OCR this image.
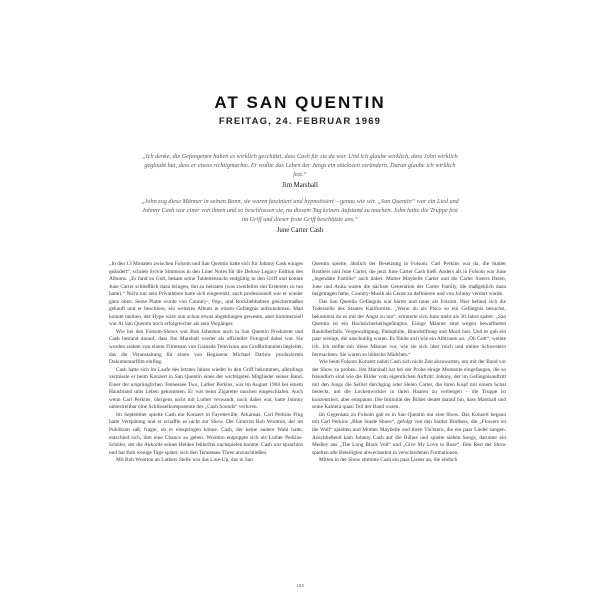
AT SAN QUENTIN
FREITAG, 24. FEBRUAR 1969

„Ich denke, die Gefangenen haben es wirklich geschätzt, dass Cash für sie da war. Und ich glaube wirklich, dass John wirklich geglaubt hat, dass er etwas richtigmachte. Er wollte das Leben der Jungs ein stückweit verändern. Daran glaube ich wirklich fest.“

Jim Marshall

„John zog diese Männer in seinen Bann, sie waren fasziniert und hypnotisiert – genau wie wir. „San Quentin“ war ein Lied und Johnny Cash war einer von ihnen und so beschlossen sie, nu diesem Tag keinen Aufstand zu machen. John hatte die Truppe fest im Griff und dieser feste Griff beschützte uns.“

June Carter Cash

„In den 13 Monaten zwischen Folsom und San Quentin hatte sich für Johnny Cash einiges geändert“, schrieb Sylvie Simmons in den Liner Notes für die Deluxe Legacy Edition des Albums. „Er fand zu Gott, bekam seine Tablettensucht endgültig in den Griff und konnte June Carter schließlich dazu bringen, ihn zu heiraten (was zweifellos mit Ersterem zu tun hatte).“ Nicht nur sein Privatleben hatte sich eingerenkt, auch professionell war er wieder ganz oben. Seine Platte wurde von Country-, Pop-, und Rockliebhabern gleichermaßen gekauft und er beschloss, ein weiteres Album in einem Gefängnis aufzunehmen. Man konnte meinen, der Hype wäre nun schon etwas abgeklungen gewesen, aber kommerziell war At San Quentin noch erfolgreicher als sein Vorgänger.

Wie bei den Folsom-Shows war Bob Johnston auch in San Quentin Produzent und Cash bestand darauf, dass Jim Marshall wieder als offizieller Fotograf dabei war. Sie wurden zudem von einem Filmteam von Granada Television aus Großbritannien begleitet, das die Veranstaltung für einen von Regisseur Michael Darlow produzierten Dokumentarfilm einfing.

Cash hatte sich im Laufe des letzten Jahres wieder in den Griff bekommen, allerdings vermisste er beim Konzert in San Quentin eines der wichtigsten Mitglieder seiner Band. Einer der ursprünglichen Tennessee Two, Luther Perkins, war im August 1968 bei einem Hausbrand ums Leben gekommen. Er war beim Zigarette rauchen eingeschlafen. Auch wenn Carl Perkins, übrigens nicht mit Luther verwandt, noch dabei war, hatte Johnny unbestreitbar eine Schlüsselkomponente des „Cash Sounds“ verloren.

Im September spielte Cash ein Konzert in Fayetteville, Arkansas. Carl Perkins Flug hatte Verspätung und er schaffte es nicht zur Show. Der Gitarrist Bob Wootton, der im Publikum saß, fragte, ob er einspringen könne. Cash, der keine andere Wahl hatte, entschied sich, ihm eine Chance zu geben. Wootton entpuppte sich als Luther Perkins-Schüler, der die Akkorde seines Helden fehlerfrei nachspielen konnte. Cash war sprachlos und hat Bob wenige Tage später, sich den Tennessee Three anzuschließen.

Mit Bob Wootton an Luthers Stelle war das Line-Up, das in San

Quentin spielte, ähnlich der Besetzung in Folsom. Carl Perkins war da, die Statler Brothers und June Carter, die jetzt June Carter Cash hieß. Anders als in Folsom war June „legendäre Familie“ auch dabei: Mutter Maybelle Carter und die Carter Sisters Helen, June und Anita waren die nächste Generation der Carter Family, die maßgeblich dazu beigetragen hatte, Country-Musik als Genre zu definieren und von Johnny verehrt wurde.

Das San Quentin Gefängnis war härter und rauer als Folsom. Hier befand sich die Todeszelle des Staates Kalifornien. „Wenn du als Pisco so ein Gefängnis besuchst, bekommst du es mit der Angst zu tun“, erinnerte sich June mehr als 30 Jahre später. „San Quentin ist ein Hochsicherheitsgefängnis. Einige Männer sind wegen bewaffneten Raubüberfalls, Vergewaltigung, Pädophilie, Brandstiftung und Mord hier. Und es gab ein paar wenige, die unschuldig waren. Es fühlte sich wie ein Albtraum an. „Oh Gott“, weinte ich. Ich stellte mir diese Männer vor, wie sie sich über mich und meine Schwestern hermachten. Sie waren so hübsche Mädchen.“

Wie beim Folsom Konzert nahm Cash sich nicht Zeit abzuwarten, um mit der Band vor der Show zu proben. Jim Marshall hat bei der Probe einige Momente eingefangen, die so freundlich sind wie die Bilder vom eigentlichen Auftritt: Johnny, der im Gefängnisauftritt mit den Jungs die Setlist durchging oder Helen Carter, die ihren Kopf mit einem Schal bedeckt, um die Lockenwickler in ihren Haaren zu verbergen – die Truppe ist konzentriert, aber entspannt. Die Intimität der Bilder deutet darauf hin, dass Marshall und seine Kamera quasi Teil der Band waren.

Im Gegensatz zu Folsom gab es in San Quentin nur eine Show. Das Konzert begann mit Carl Perkins „Blue Suede Shoes“, gefolgt von den Statler Brothers, die „Flowers on the Wall“ spielten und Mother Maybelle und ihren Töchtern, die ein paar Lieder sangen. Anschließend kam Johnny Cash auf die Bühne und spielte sieben Songs, darunter ein Medley aus „The Long Black Veil“ und „Give My Love to Rose“. Den Rest der Show spielten alle Beteiligten abwechselnd in verschiedenen Formationen.

Mitten in der Show stimmte Cash ein paar Lieder an, die einfach

163
